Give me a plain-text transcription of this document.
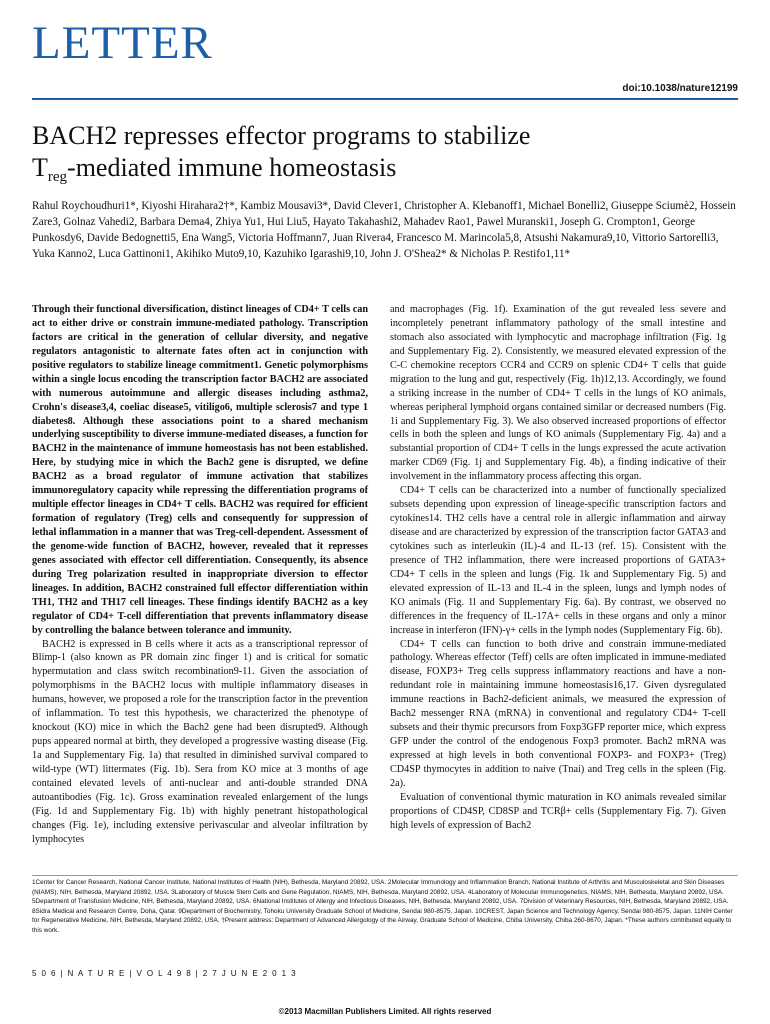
LETTER
doi:10.1038/nature12199
BACH2 represses effector programs to stabilize
$T_{reg}$-mediated immune homeostasis
Rahul Roychoudhuri1*, Kiyoshi Hirahara2†*, Kambiz Mousavi3*, David Clever1, Christopher A. Klebanoff1, Michael Bonelli2, Giuseppe Sciumè2, Hossein Zare3, Golnaz Vahedi2, Barbara Dema4, Zhiya Yu1, Hui Liu5, Hayato Takahashi2, Mahadev Rao1, Pawel Muranski1, Joseph G. Crompton1, George Punkosdy6, Davide Bedognetti5, Ena Wang5, Victoria Hoffmann7, Juan Rivera4, Francesco M. Marincola5,8, Atsushi Nakamura9,10, Vittorio Sartorelli3, Yuka Kanno2, Luca Gattinoni1, Akihiko Muto9,10, Kazuhiko Igarashi9,10, John J. O'Shea2* & Nicholas P. Restifo1,11*

Through their functional diversification, distinct lineages of CD4+ T cells can act to either drive or constrain immune-mediated pathology. Transcription factors are critical in the generation of cellular diversity, and negative regulators antagonistic to alternate fates often act in conjunction with positive regulators to stabilize lineage commitment1. Genetic polymorphisms within a single locus encoding the transcription factor BACH2 are associated with numerous autoimmune and allergic diseases including asthma2, Crohn's disease3,4, coeliac disease5, vitiligo6, multiple sclerosis7 and type 1 diabetes8. Although these associations point to a shared mechanism underlying susceptibility to diverse immune-mediated diseases, a function for BACH2 in the maintenance of immune homeostasis has not been established. Here, by studying mice in which the Bach2 gene is disrupted, we define BACH2 as a broad regulator of immune activation that stabilizes immunoregulatory capacity while repressing the differentiation programs of multiple effector lineages in CD4+ T cells. BACH2 was required for efficient formation of regulatory (Treg) cells and consequently for suppression of lethal inflammation in a manner that was Treg-cell-dependent. Assessment of the genome-wide function of BACH2, however, revealed that it represses genes associated with effector cell differentiation. Consequently, its absence during Treg polarization resulted in inappropriate diversion to effector lineages. In addition, BACH2 constrained full effector differentiation within TH1, TH2 and TH17 cell lineages. These findings identify BACH2 as a key regulator of CD4+ T-cell differentiation that prevents inflammatory disease by controlling the balance between tolerance and immunity.

BACH2 is expressed in B cells where it acts as a transcriptional repressor of Blimp-1 (also known as PR domain zinc finger 1) and is critical for somatic hypermutation and class switch recombination9-11. Given the association of polymorphisms in the BACH2 locus with multiple inflammatory diseases in humans, however, we proposed a role for the transcription factor in the prevention of inflammation. To test this hypothesis, we characterized the phenotype of knockout (KO) mice in which the Bach2 gene had been disrupted9. Although pups appeared normal at birth, they developed a progressive wasting disease (Fig. 1a and Supplementary Fig. 1a) that resulted in diminished survival compared to wild-type (WT) littermates (Fig. 1b). Sera from KO mice at 3 months of age contained elevated levels of anti-nuclear and anti-double stranded DNA autoantibodies (Fig. 1c). Gross examination revealed enlargement of the lungs (Fig. 1d and Supplementary Fig. 1b) with highly penetrant histopathological changes (Fig. 1e), including extensive perivascular and alveolar infiltration by lymphocytes

and macrophages (Fig. 1f). Examination of the gut revealed less severe and incompletely penetrant inflammatory pathology of the small intestine and stomach also associated with lymphocytic and macrophage infiltration (Fig. 1g and Supplementary Fig. 2). Consistently, we measured elevated expression of the C-C chemokine receptors CCR4 and CCR9 on splenic CD4+ T cells that guide migration to the lung and gut, respectively (Fig. 1h)12,13. Accordingly, we found a striking increase in the number of CD4+ T cells in the lungs of KO animals, whereas peripheral lymphoid organs contained similar or decreased numbers (Fig. 1i and Supplementary Fig. 3). We also observed increased proportions of effector cells in both the spleen and lungs of KO animals (Supplementary Fig. 4a) and a substantial proportion of CD4+ T cells in the lungs expressed the acute activation marker CD69 (Fig. 1j and Supplementary Fig. 4b), a finding indicative of their involvement in the inflammatory process affecting this organ.

CD4+ T cells can be characterized into a number of functionally specialized subsets depending upon expression of lineage-specific transcription factors and cytokines14. TH2 cells have a central role in allergic inflammation and airway disease and are characterized by expression of the transcription factor GATA3 and cytokines such as interleukin (IL)-4 and IL-13 (ref. 15). Consistent with the presence of TH2 inflammation, there were increased proportions of GATA3+ CD4+ T cells in the spleen and lungs (Fig. 1k and Supplementary Fig. 5) and elevated expression of IL-13 and IL-4 in the spleen, lungs and lymph nodes of KO animals (Fig. 1l and Supplementary Fig. 6a). By contrast, we observed no differences in the frequency of IL-17A+ cells in these organs and only a minor increase in interferon (IFN)-γ+ cells in the lymph nodes (Supplementary Fig. 6b).

CD4+ T cells can function to both drive and constrain immune-mediated pathology. Whereas effector (Teff) cells are often implicated in immune-mediated disease, FOXP3+ Treg cells suppress inflammatory reactions and have a non-redundant role in maintaining immune homeostasis16,17. Given dysregulated immune reactions in Bach2-deficient animals, we measured the expression of Bach2 messenger RNA (mRNA) in conventional and regulatory CD4+ T-cell subsets and their thymic precursors from Foxp3GFP reporter mice, which express GFP under the control of the endogenous Foxp3 promoter. Bach2 mRNA was expressed at high levels in both conventional FOXP3- and FOXP3+ (Treg) CD4SP thymocytes in addition to naive (Tnai) and Treg cells in the spleen (Fig. 2a).

Evaluation of conventional thymic maturation in KO animals revealed similar proportions of CD4SP, CD8SP and TCRβ+ cells (Supplementary Fig. 7). Given high levels of expression of Bach2

1Center for Cancer Research, National Cancer Institute, National Institutes of Health (NIH), Bethesda, Maryland 20892, USA. 2Molecular Immunology and Inflammation Branch, National Institute of Arthritis and Musculoskeletal and Skin Diseases (NIAMS), NIH, Bethesda, Maryland 20892, USA. 3Laboratory of Muscle Stem Cells and Gene Regulation, NIAMS, NIH, Bethesda, Maryland 20892, USA. 4Laboratory of Molecular Immunogenetics, NIAMS, NIH, Bethesda, Maryland 20892, USA. 5Department of Transfusion Medicine, NIH, Bethesda, Maryland 20892, USA. 6National Institutes of Allergy and Infectious Diseases, NIH, Bethesda, Maryland 20892, USA. 7Division of Veterinary Resources, NIH, Bethesda, Maryland 20892, USA. 8Sidra Medical and Research Centre, Doha, Qatar. 9Department of Biochemistry, Tohoku University Graduate School of Medicine, Sendai 980-8575, Japan. 10CREST, Japan Science and Technology Agency, Sendai 980-8575, Japan. 11NIH Center for Regenerative Medicine, NIH, Bethesda, Maryland 20892, USA. †Present address: Department of Advanced Allergology of the Airway, Graduate School of Medicine, Chiba University, Chiba 260-8670, Japan. *These authors contributed equally to this work.
5 0 6 | N A T U R E | V O L 4 9 8 | 2 7 J U N E 2 0 1 3
©2013 Macmillan Publishers Limited. All rights reserved
